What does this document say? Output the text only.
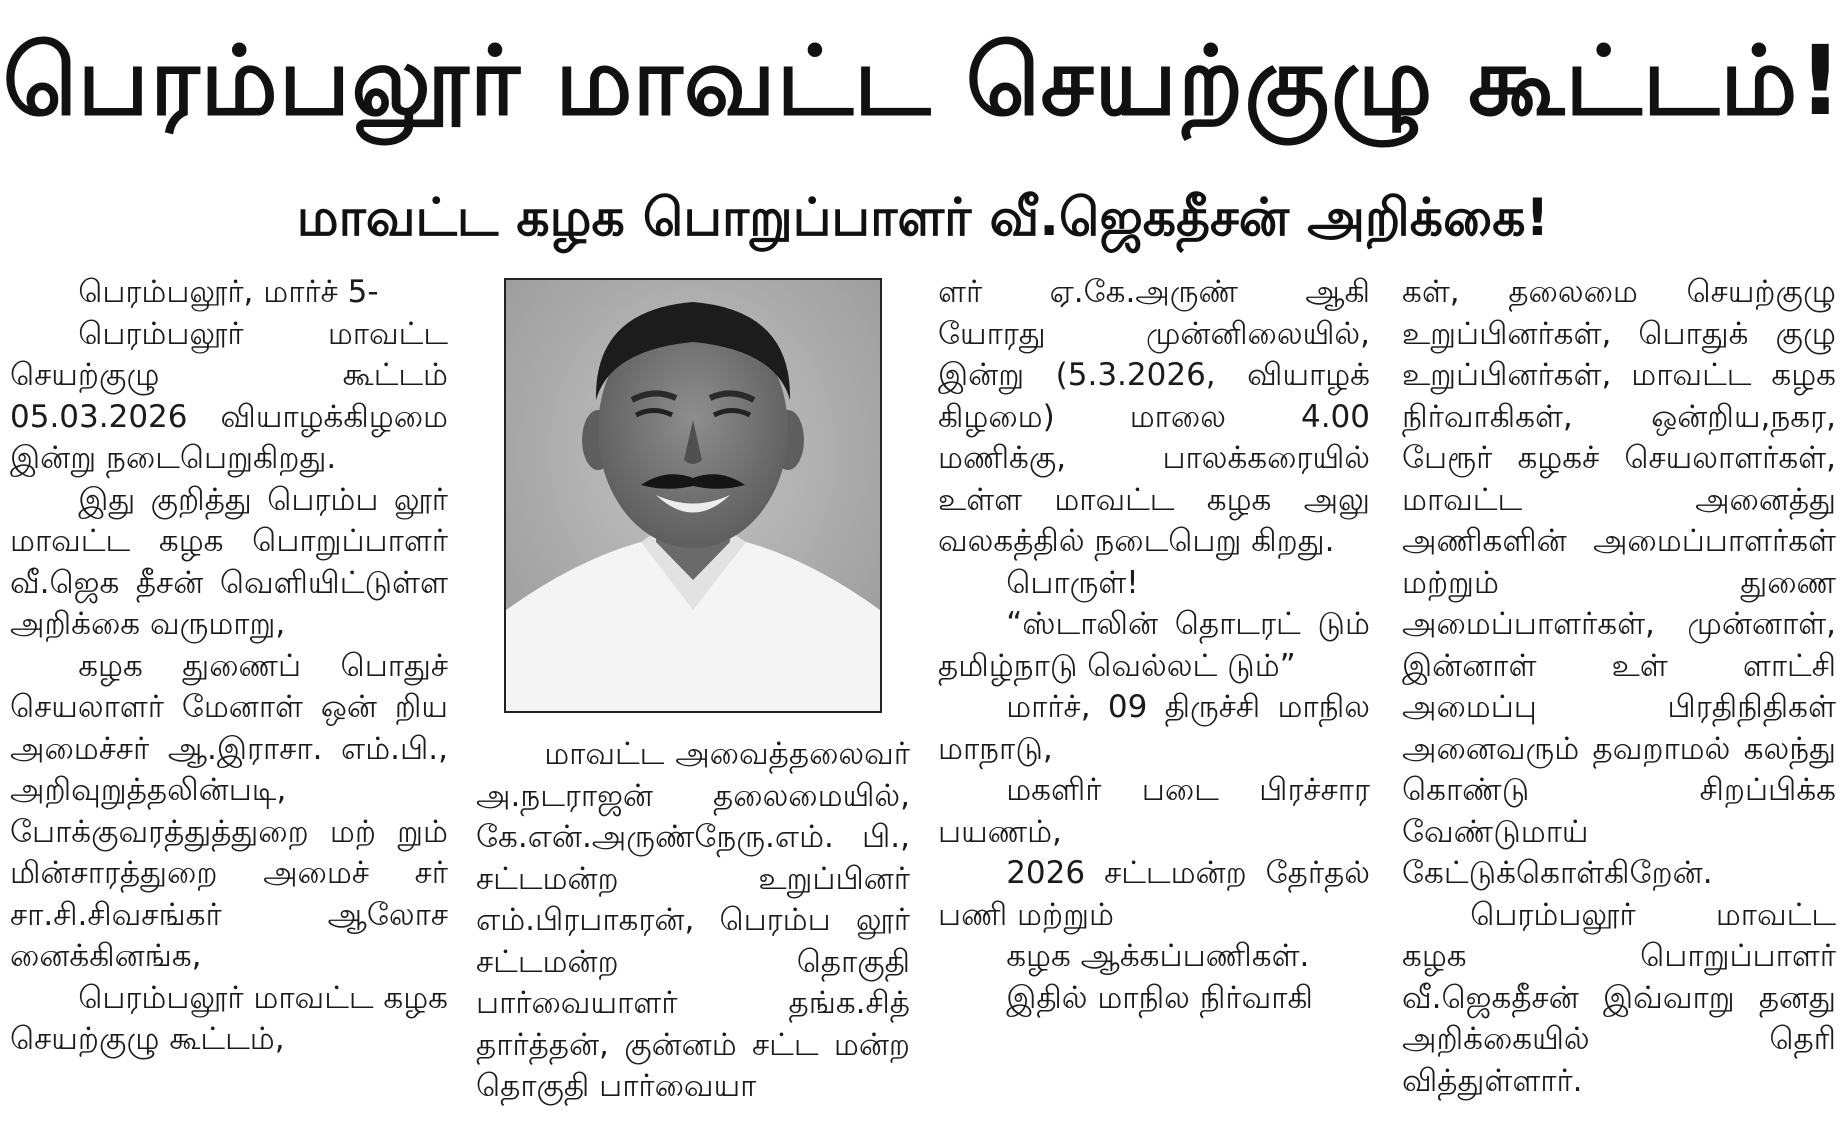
பெரம்பலூர் மாவட்ட செயற்குழு கூட்டம்!
மாவட்ட கழக பொறுப்பாளர் வீ.ஜெகதீசன் அறிக்கை!

பெரம்பலூர், மார்ச் 5-

பெரம்பலூர் மாவட்ட செயற்குழு கூட்டம் 05.03.2026 வியாழக்கிழமை இன்று நடைபெறுகிறது.

இது குறித்து பெரம்ப லூர் மாவட்ட கழக பொறுப்பாளர் வீ.ஜெக தீசன் வெளியிட்டுள்ள அறிக்கை வருமாறு,

கழக துணைப் பொதுச் செயலாளர் மேனாள் ஒன் றிய அமைச்சர் ஆ.இராசா. எம்.பி., அறிவுறுத்தலின்படி, போக்குவரத்துத்துறை மற் றும் மின்சாரத்துறை அமைச் சர் சா.சி.சிவசங்கர் ஆலோச னைக்கினங்க,

பெரம்பலூர் மாவட்ட கழக செயற்குழு கூட்டம்,

மாவட்ட அவைத்தலைவர் அ.நடராஜன் தலைமையில், கே.என்.அருண்நேரு.எம். பி., சட்டமன்ற உறுப்பினர் எம்.பிரபாகரன், பெரம்ப லூர் சட்டமன்ற தொகுதி பார்வையாளர் தங்க.சித் தார்த்தன், குன்னம் சட்ட மன்ற தொகுதி பார்வையா

ளர் ஏ.கே.அருண் ஆகி யோரது முன்னிலையில், இன்று (5.3.2026, வியாழக் கிழமை) மாலை 4.00 மணிக்கு, பாலக்கரையில் உள்ள மாவட்ட கழக அலு வலகத்தில் நடைபெறு கிறது.

பொருள்!

“ஸ்டாலின் தொடரட் டும் தமிழ்நாடு வெல்லட் டும்”

மார்ச், 09 திருச்சி மாநில மாநாடு,

மகளிர் படை பிரச்சார பயணம்,

2026 சட்டமன்ற தேர்தல் பணி மற்றும்

கழக ஆக்கப்பணிகள்.

இதில் மாநில நிர்வாகி

கள், தலைமை செயற்குழு உறுப்பினர்கள், பொதுக் குழு உறுப்பினர்கள், மாவட்ட கழக நிர்வாகிகள், ஒன்றிய,நகர, பேரூர் கழகச் செயலாளர்கள், மாவட்ட அனைத்து அணிகளின் அமைப்பாளர்கள் மற்றும் துணை அமைப்பாளர்கள், முன்னாள், இன்னாள் உள் ளாட்சி அமைப்பு பிரதிநிதிகள் அனைவரும் தவறாமல் கலந்து கொண்டு சிறப்பிக்க வேண்டுமாய் கேட்டுக்கொள்கிறேன்.

பெரம்பலூர் மாவட்ட கழக பொறுப்பாளர் வீ.ஜெகதீசன் இவ்வாறு தனது அறிக்கையில் தெரி வித்துள்ளார்.
